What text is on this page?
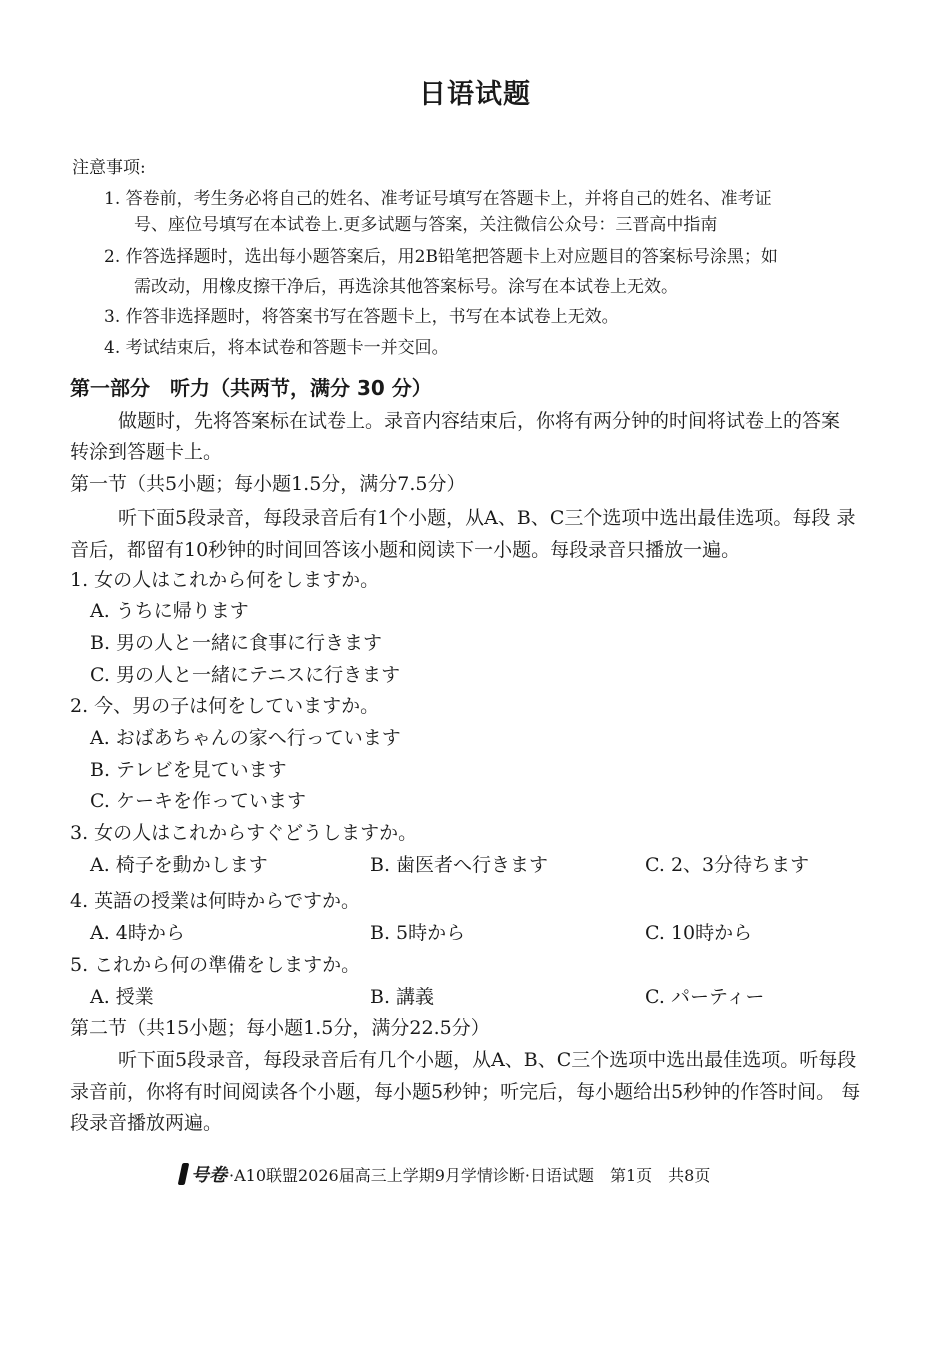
日语试题
注意事项:
1. 答卷前，考生务必将自己的姓名、准考证号填写在答题卡上，并将自己的姓名、准考证
号、座位号填写在本试卷上.更多试题与答案，关注微信公众号：三晋高中指南
2. 作答选择题时，选出每小题答案后，用2B铅笔把答题卡上对应题目的答案标号涂黑；如
需改动，用橡皮擦干净后，再选涂其他答案标号。涂写在本试卷上无效。
3. 作答非选择题时，将答案书写在答题卡上，书写在本试卷上无效。
4. 考试结束后，将本试卷和答题卡一并交回。
第一部分　听力（共两节，满分 30 分）
做题时，先将答案标在试卷上。录音内容结束后，你将有两分钟的时间将试卷上的答案
转涂到答题卡上。
第一节（共5小题；每小题1.5分，满分7.5分）
听下面5段录音，每段录音后有1个小题，从A、B、C三个选项中选出最佳选项。每段 录
音后，都留有10秒钟的时间回答该小题和阅读下一小题。每段录音只播放一遍。
1. 女の人はこれから何をしますか。
A. うちに帰ります
B. 男の人と一緒に食事に行きます
C. 男の人と一緒にテニスに行きます
2. 今、男の子は何をしていますか。
A. おばあちゃんの家へ行っています
B. テレビを見ています
C. ケーキを作っています
3. 女の人はこれからすぐどうしますか。
A. 椅子を動かします	B. 歯医者へ行きます	C. 2、3分待ちます
4. 英語の授業は何時からですか。
A. 4時から	B. 5時から	C. 10時から
5. これから何の準備をしますか。
A. 授業	B. 講義	C. パーティー
第二节（共15小题；每小题1.5分，满分22.5分）
听下面5段录音，每段录音后有几个小题，从A、B、C三个选项中选出最佳选项。听每段
录音前，你将有时间阅读各个小题，每小题5秒钟；听完后，每小题给出5秒钟的作答时间。 每
段录音播放两遍。
号卷 ·A10联盟2026届高三上学期9月学情诊断·日语试题　第1页　共8页
